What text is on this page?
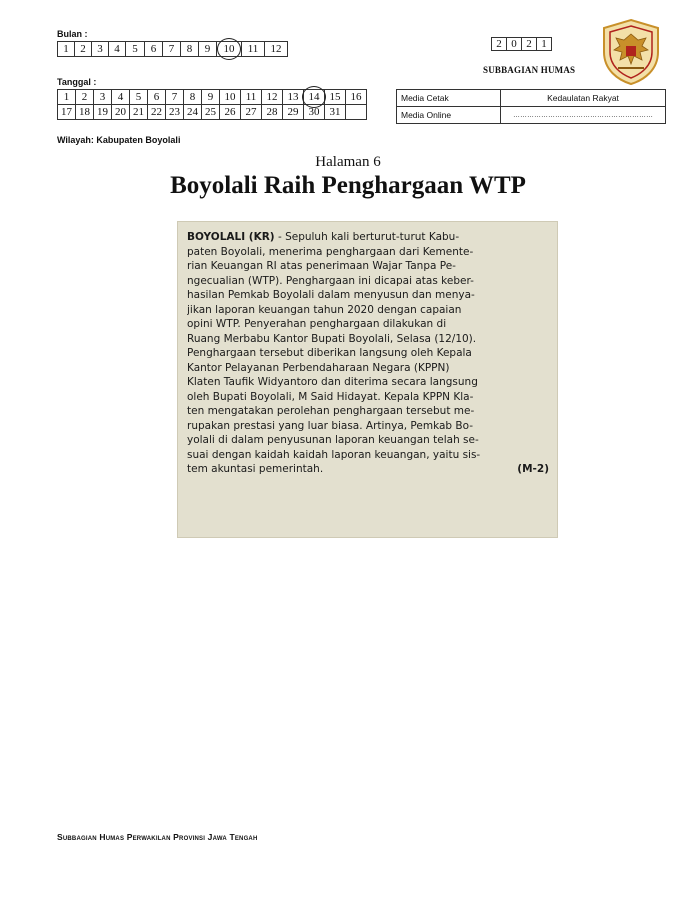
Bulan :
1	2	3	4	5	6	7	8	9	10	11	12
Tanggal :
1	2	3	4	5	6	7	8	9	10	11	12	13	14	15	16

17	18	19	20	21	22	23	24	25	26	27	28	29	30	31	

2	0	2	1
SUBBAGIAN HUMAS
Media Cetak	Kedaulatan Rakyat
Media Online	……………………………………………………
Wilayah: Kabupaten Boyolali
Halaman 6
Boyolali Raih Penghargaan WTP
BOYOLALI (KR) - Sepuluh kali berturut-turut Kabu-
paten Boyolali, menerima penghargaan dari Kemente-
rian Keuangan RI atas penerimaan Wajar Tanpa Pe-
ngecualian (WTP). Penghargaan ini dicapai atas keber-
hasilan Pemkab Boyolali dalam menyusun dan menya-
jikan laporan keuangan tahun 2020 dengan capaian
opini WTP. Penyerahan penghargaan dilakukan di
Ruang Merbabu Kantor Bupati Boyolali, Selasa (12/10).
Penghargaan tersebut diberikan langsung oleh Kepala
Kantor Pelayanan Perbendaharaan Negara (KPPN)
Klaten Taufik Widyantoro dan diterima secara langsung
oleh Bupati Boyolali, M Said Hidayat. Kepala KPPN Kla-
ten mengatakan perolehan penghargaan tersebut me-
rupakan prestasi yang luar biasa. Artinya, Pemkab Bo-
yolali di dalam penyusunan laporan keuangan telah se-
suai dengan kaidah kaidah laporan keuangan, yaitu sis-
tem akuntasi pemerintah.	(M-2)
Subbagian Humas Perwakilan Provinsi Jawa Tengah
